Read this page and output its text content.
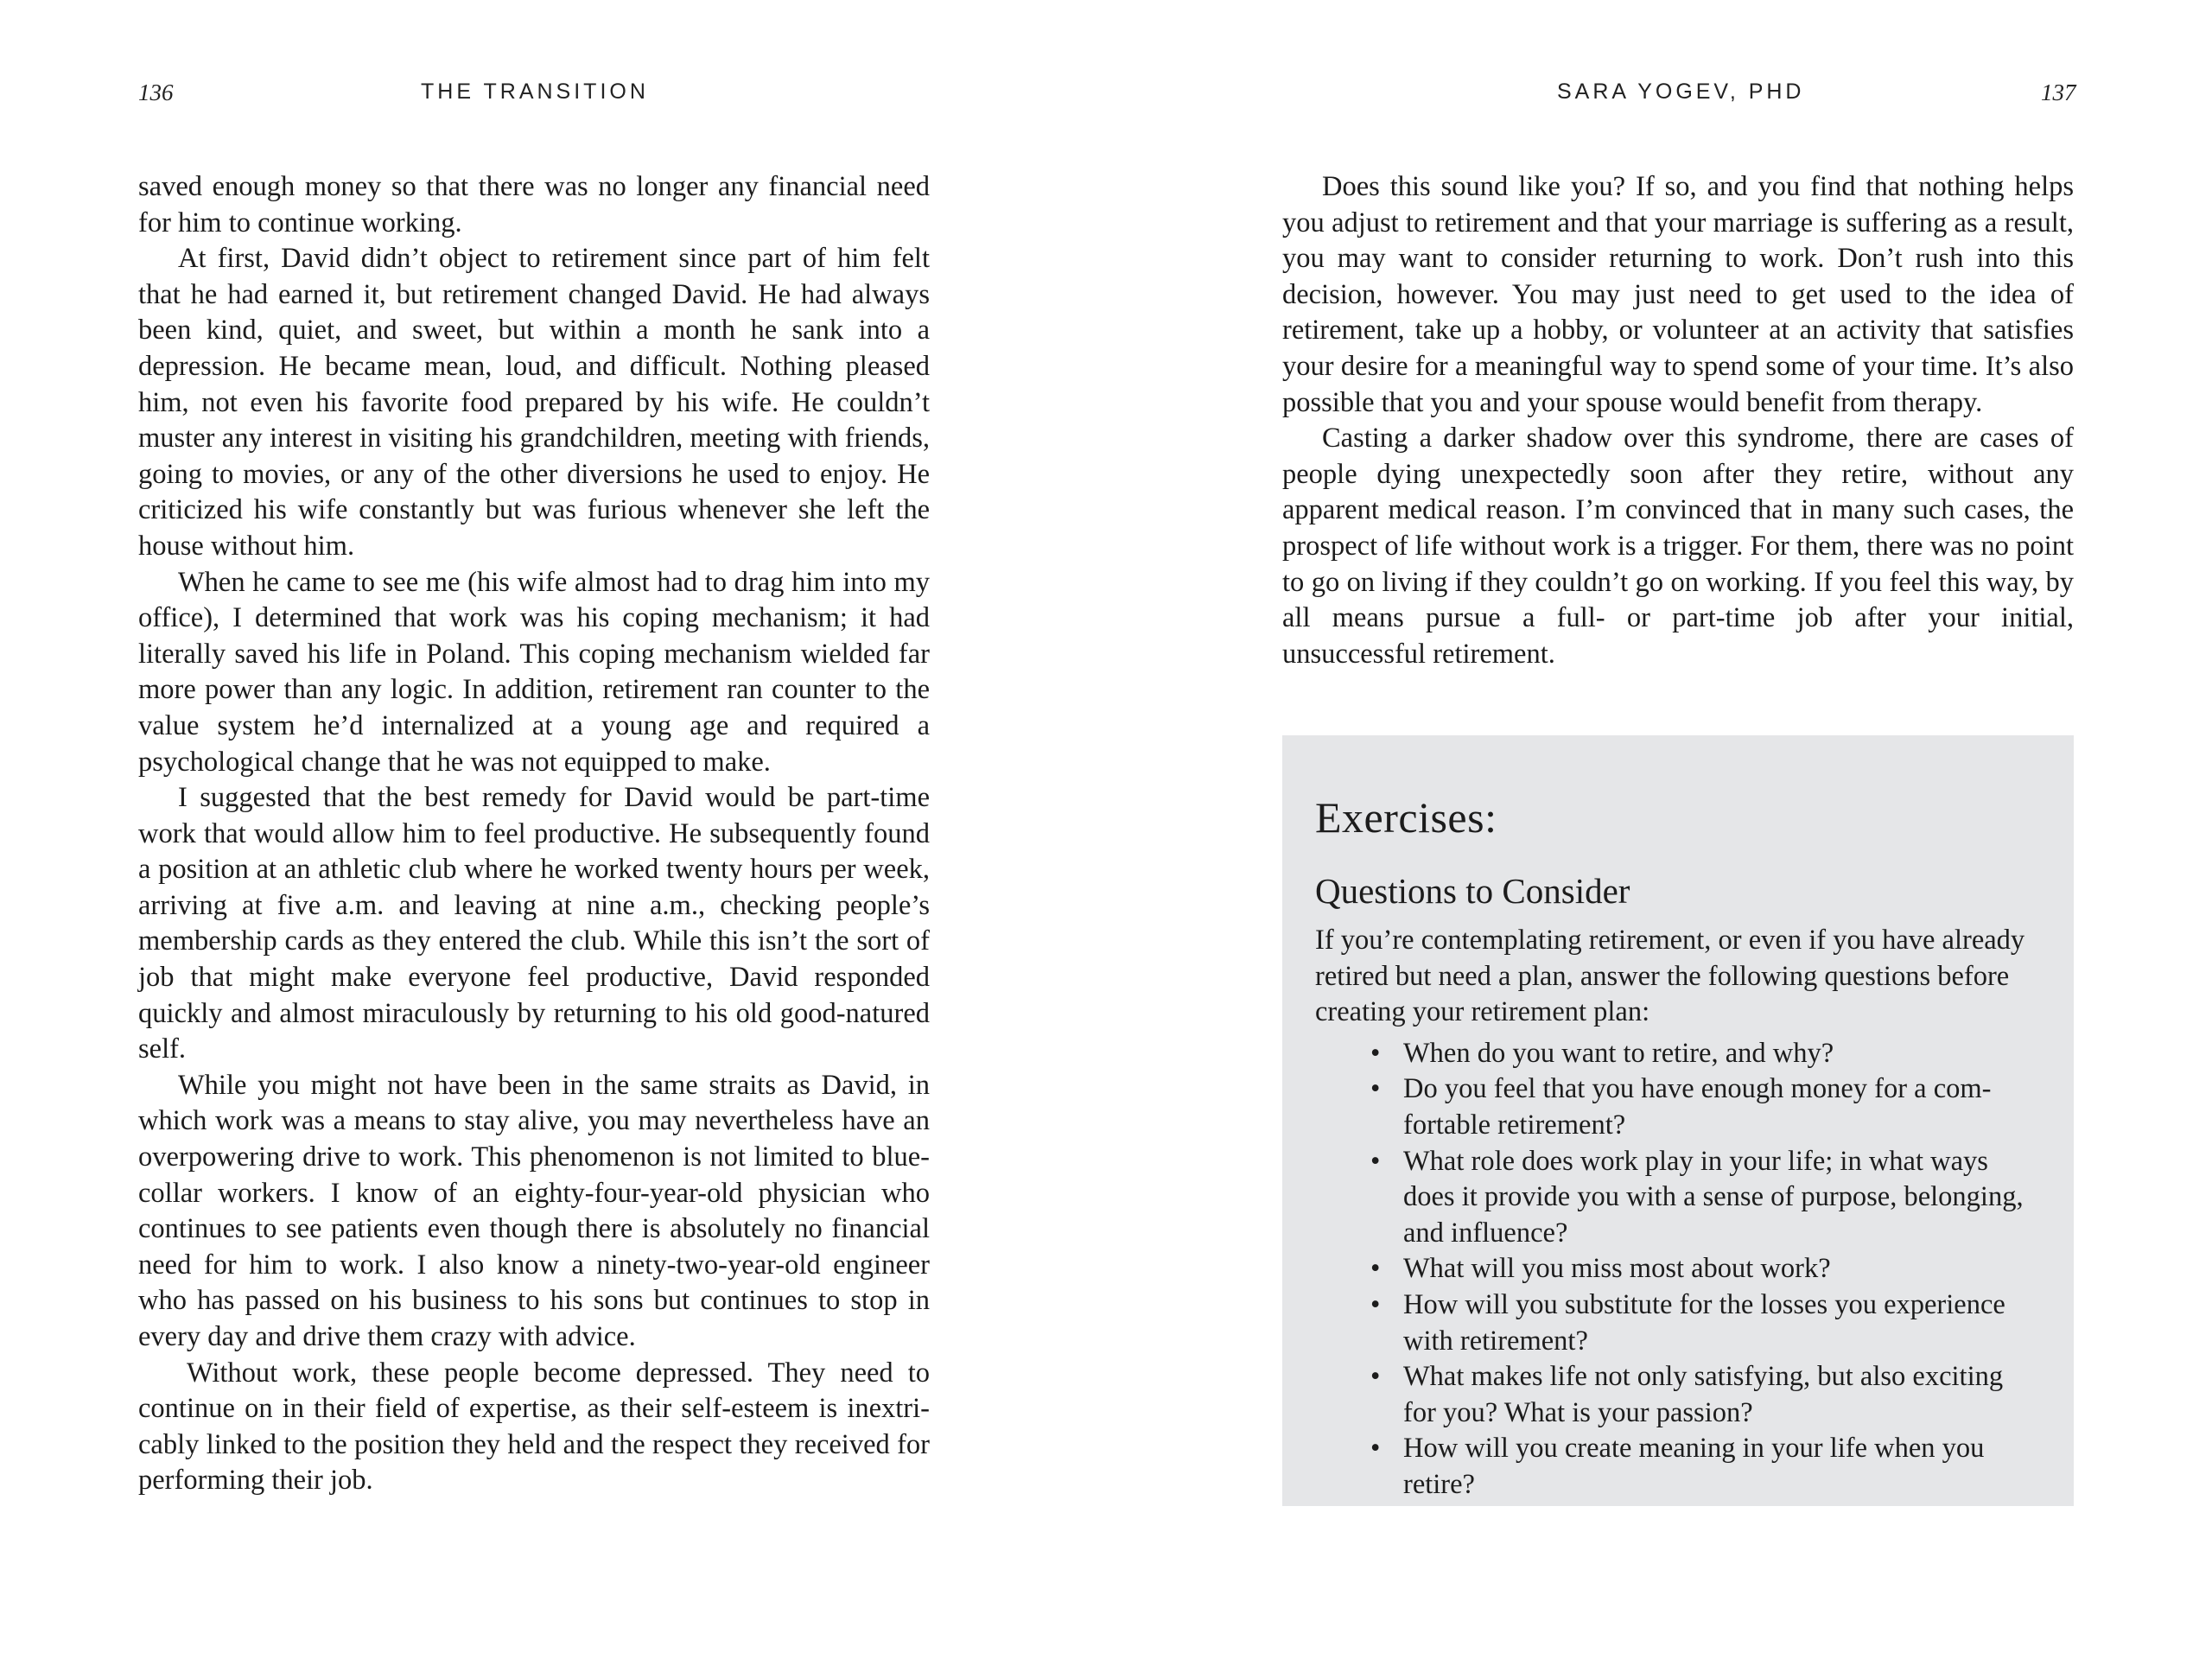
136	THE TRANSITION

saved enough money so that there was no longer any financial need for him to continue working.

At first, David didn’t object to retirement since part of him felt that he had earned it, but retirement changed David. He had always been kind, quiet, and sweet, but within a month he sank into a depression. He became mean, loud, and difficult. Nothing pleased him, not even his favorite food prepared by his wife. He couldn’t muster any interest in visiting his grandchildren, meeting with friends, going to movies, or any of the other diversions he used to enjoy. He criticized his wife constantly but was furious whenever she left the house without him.

When he came to see me (his wife almost had to drag him into my office), I determined that work was his coping mechanism; it had literally saved his life in Poland. This coping mechanism wielded far more power than any logic. In addition, retirement ran counter to the value system he’d internalized at a young age and required a psychological change that he was not equipped to make.

I suggested that the best remedy for David would be part-time work that would allow him to feel productive. He subsequently found a position at an athletic club where he worked twenty hours per week, arriving at five a.m. and leaving at nine a.m., checking people’s membership cards as they entered the club. While this isn’t the sort of job that might make everyone feel productive, David responded quickly and almost miraculously by returning to his old good-natured self.

While you might not have been in the same straits as David, in which work was a means to stay alive, you may nevertheless have an overpowering drive to work. This phenomenon is not limited to blue-collar workers. I know of an eighty-four-year-old physician who continues to see patients even though there is absolutely no financial need for him to work. I also know a ninety-two-year-old engineer who has passed on his business to his sons but continues to stop in every day and drive them crazy with advice.

Without work, these people become depressed. They need to continue on in their field of expertise, as their self-esteem is inextricably linked to the position they held and the respect they received for performing their job.

SARA YOGEV, PHD	137

Does this sound like you? If so, and you find that nothing helps you adjust to retirement and that your marriage is suffering as a result, you may want to consider returning to work. Don’t rush into this decision, however. You may just need to get used to the idea of retirement, take up a hobby, or volunteer at an activity that satisfies your desire for a meaningful way to spend some of your time. It’s also possible that you and your spouse would benefit from therapy.

Casting a darker shadow over this syndrome, there are cases of people dying unexpectedly soon after they retire, without any apparent medical reason. I’m convinced that in many such cases, the prospect of life without work is a trigger. For them, there was no point to go on living if they couldn’t go on working. If you feel this way, by all means pursue a full- or part-time job after your initial, unsuccessful retirement.

Exercises:
Questions to Consider
If you’re contemplating retirement, or even if you have already retired but need a plan, answer the following questions before creating your retirement plan:
• When do you want to retire, and why?
• Do you feel that you have enough money for a comfortable retirement?
• What role does work play in your life; in what ways does it provide you with a sense of purpose, belonging, and influence?
• What will you miss most about work?
• How will you substitute for the losses you experience with retirement?
• What makes life not only satisfying, but also exciting for you? What is your passion?
• How will you create meaning in your life when you retire?
